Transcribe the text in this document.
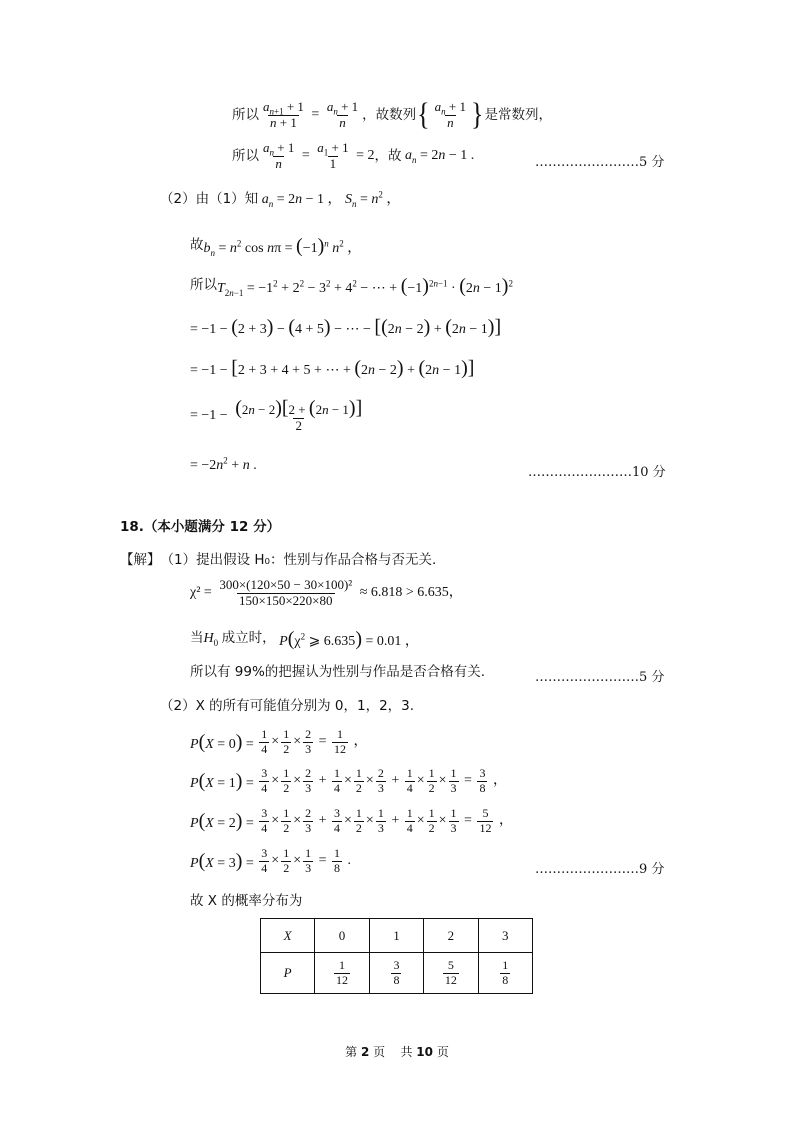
所以 $\frac{a_{n+1} + 1}{n + 1} = \frac{a_n + 1}{n}$ ，故数列 { $\frac{a_n + 1}{n}$ } 是常数列，
所以 $\frac{a_n + 1}{n} = \frac{a_1 + 1}{1} = 2$ ，故 $a_n = 2n - 1$ .	……………………5 分
（2）由（1）知 $a_n = 2n - 1$ ， $S_n = n^2$ ，
故 $b_n = n^2$ $\cos n\pi = (-1)^n$ $n^2$ ，
所以 $T_{2n-1} = -1^2 + 2^2 - 3^2 + 4^2$ − ⋯ + $(-1)^{2n-1} \cdot (2n - 1)^2$
= −1 − (2 + 3) − (4 + 5) − ⋯ − [(2n − 2) + (2n − 1)]
= −1 − [2 + 3 + 4 + 5 + ⋯ + (2n − 2) + (2n − 1)]
= $-1 - \frac{(2n - 2)[2 + (2n - 1)]}{2}$
= $-2n^2 + n$ .	……………………10 分
18.（本小题满分 12 分）
【解】 （1）提出假设 H₀：性别与作品合格与否无关.
χ² =
$\frac{\text{300×(120×50 − 30×100)²}}{150\times 150\times 220\times 80}$
≈ 6.818 > 6.635，
当 $H_0$ 成立时， $P(\chi^2$ ⩾ 6.635) = 0.01 ，
所以有 99%的把握认为性别与作品是否合格有关.	……………………5 分
（2）X 的所有可能值分别为 0，1，2，3.
$P(X = 0) = \frac{1}{4} \times \frac{1}{2} \times \frac{2}{3} = \frac{1}{12}$ ，
$P(X = 1) = \frac{3}{4} \times \frac{1}{2} \times \frac{2}{3} + \frac{1}{4} \times \frac{1}{2} \times \frac{2}{3} + \frac{1}{4} \times \frac{1}{2} \times \frac{1}{3} = \frac{3}{8}$ ，
$P(X = 2) = \frac{3}{4} \times \frac{1}{2} \times \frac{2}{3} + \frac{3}{4} \times \frac{1}{2} \times \frac{1}{3} + \frac{1}{4} \times \frac{1}{2} \times \frac{1}{3} = \frac{5}{12}$ ，
$P(X = 3) = \frac{3}{4} \times \frac{1}{2} \times \frac{1}{3} = \frac{1}{8}$ .
……………………9 分
故 X 的概率分布为
X	0	1	2	3
P	$\frac{1}{12}$	$\frac{3}{8}$	$\frac{5}{12}$	$\frac{1}{8}$
第 2 页 共 10 页
